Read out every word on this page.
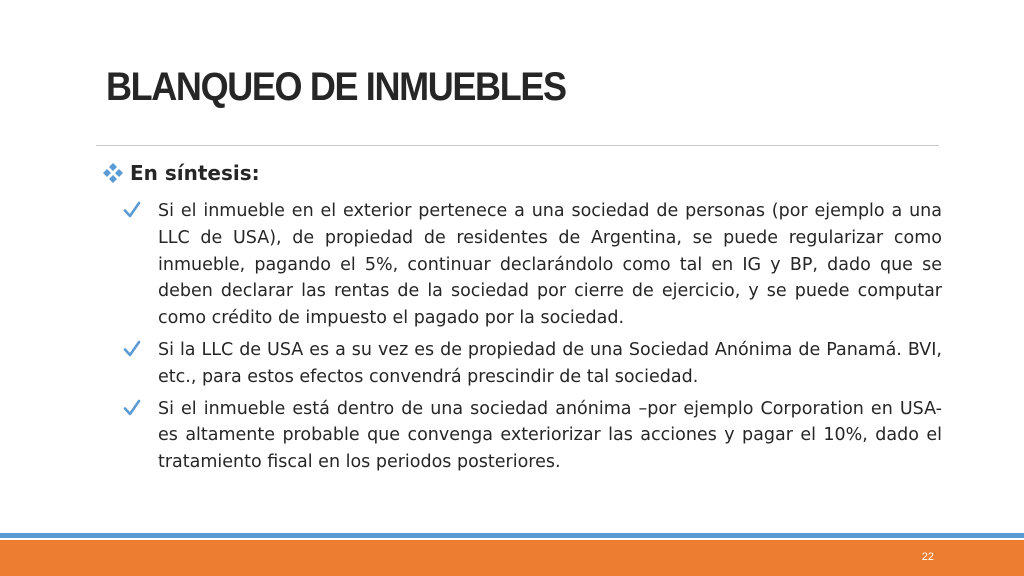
BLANQUEO DE INMUEBLES
En síntesis:
Si el inmueble en el exterior pertenece a una sociedad de personas (por ejemplo a una LLC de USA), de propiedad de residentes de Argentina, se puede regularizar como inmueble, pagando el 5%, continuar declarándolo como tal en IG y BP, dado que se deben declarar las rentas de la sociedad por cierre de ejercicio, y se puede computar como crédito de impuesto el pagado por la sociedad.
Si la LLC de USA es a su vez es de propiedad de una Sociedad Anónima de Panamá. BVI, etc., para estos efectos convendrá prescindir de tal sociedad.
Si el inmueble está dentro de una sociedad anónima –por ejemplo Corporation en USA- es altamente probable que convenga exteriorizar las acciones y pagar el 10%, dado el tratamiento fiscal en los periodos posteriores.
22
